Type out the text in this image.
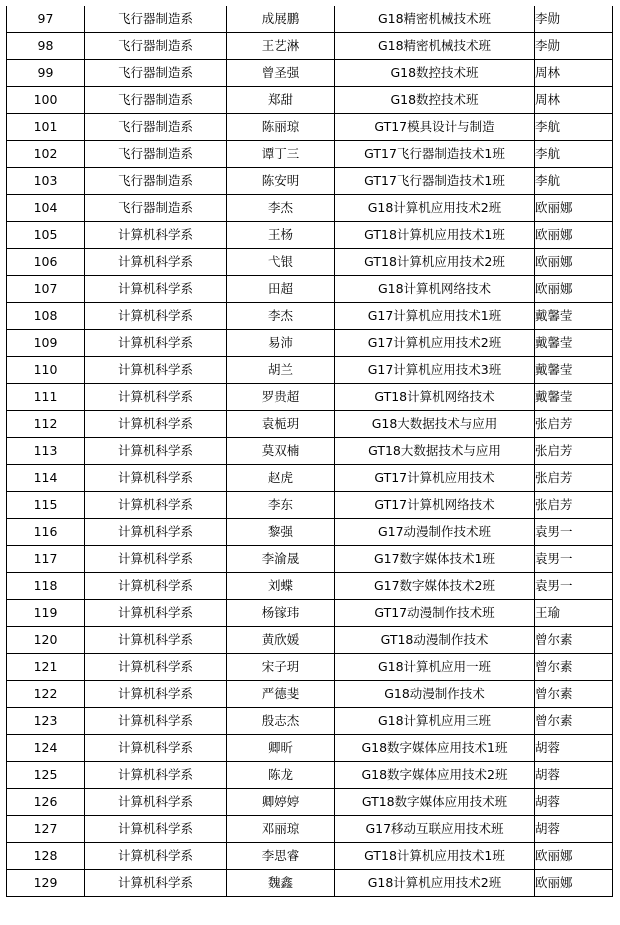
97	飞行器制造系	成展鹏	G18精密机械技术班	李勋
98	飞行器制造系	王艺淋	G18精密机械技术班	李勋
99	飞行器制造系	曾圣强	G18数控技术班	周林
100	飞行器制造系	郑甜	G18数控技术班	周林
101	飞行器制造系	陈丽琼	GT17模具设计与制造	李航
102	飞行器制造系	谭丁三	GT17飞行器制造技术1班	李航
103	飞行器制造系	陈安明	GT17飞行器制造技术1班	李航
104	飞行器制造系	李杰	G18计算机应用技术2班	欧丽娜
105	计算机科学系	王杨	GT18计算机应用技术1班	欧丽娜
106	计算机科学系	弋银	GT18计算机应用技术2班	欧丽娜
107	计算机科学系	田超	G18计算机网络技术	欧丽娜
108	计算机科学系	李杰	G17计算机应用技术1班	戴馨莹
109	计算机科学系	易沛	G17计算机应用技术2班	戴馨莹
110	计算机科学系	胡兰	G17计算机应用技术3班	戴馨莹
111	计算机科学系	罗贵超	GT18计算机网络技术	戴馨莹
112	计算机科学系	袁栀玥	G18大数据技术与应用	张启芳
113	计算机科学系	莫双楠	GT18大数据技术与应用	张启芳
114	计算机科学系	赵虎	GT17计算机应用技术	张启芳
115	计算机科学系	李东	GT17计算机网络技术	张启芳
116	计算机科学系	黎强	G17动漫制作技术班	袁男一
117	计算机科学系	李渝晟	G17数字媒体技术1班	袁男一
118	计算机科学系	刘蝶	G17数字媒体技术2班	袁男一
119	计算机科学系	杨镓玮	GT17动漫制作技术班	王瑜
120	计算机科学系	黄欣媛	GT18动漫制作技术	曾尔素
121	计算机科学系	宋子玥	G18计算机应用一班	曾尔素
122	计算机科学系	严德斐	G18动漫制作技术	曾尔素
123	计算机科学系	殷志杰	G18计算机应用三班	曾尔素
124	计算机科学系	卿昕	G18数字媒体应用技术1班	胡蓉
125	计算机科学系	陈龙	G18数字媒体应用技术2班	胡蓉
126	计算机科学系	卿婷婷	GT18数字媒体应用技术班	胡蓉
127	计算机科学系	邓丽琼	G17移动互联应用技术班	胡蓉
128	计算机科学系	李思睿	GT18计算机应用技术1班	欧丽娜
129	计算机科学系	魏鑫	G18计算机应用技术2班	欧丽娜
